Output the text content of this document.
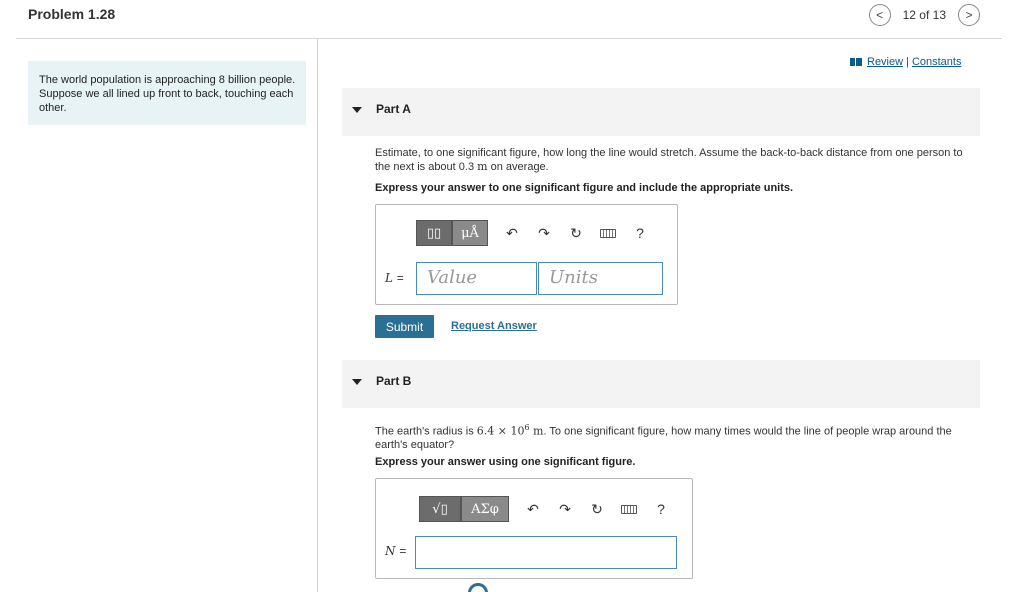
Problem 1.28	<	12 of 13	>
The world population is approaching 8 billion people. Suppose we all lined up front to back, touching each other.
Review | Constants
Part A
Estimate, to one significant figure, how long the line would stretch. Assume the back-to-back distance from one person to the next is about 0.3 m on average.
Express your answer to one significant figure and include the appropriate units.
▯▯	μÅ	↶	↷	↻	?
L =	Value	Units
Submit	Request Answer
Part B
The earth's radius is $6.4 \times 10^6$ m. To one significant figure, how many times would the line of people wrap around the earth's equator?
Express your answer using one significant figure.
√▯	ΑΣφ	↶	↷	↻	?
N =
